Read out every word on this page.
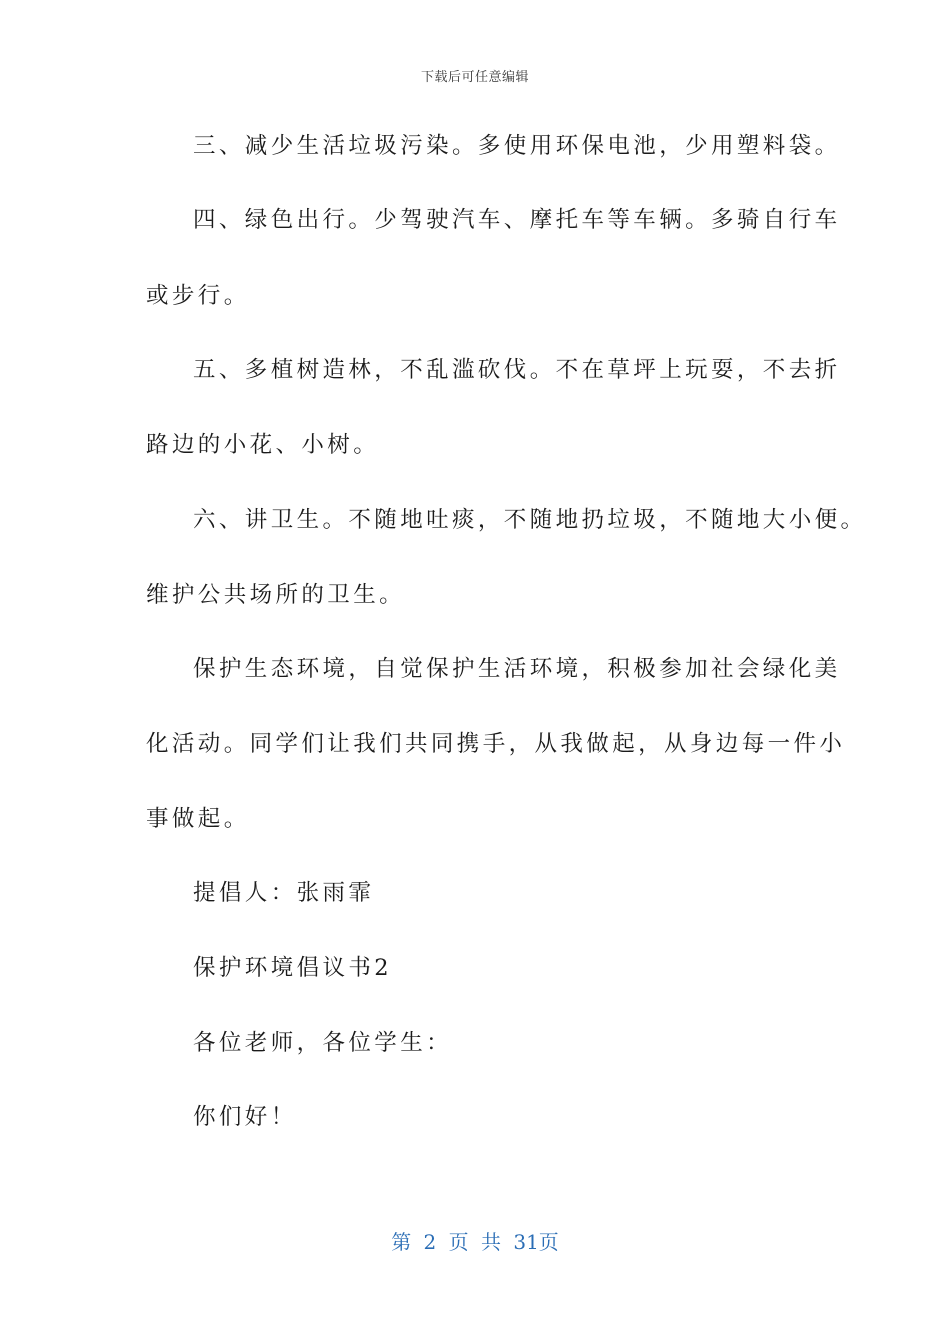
下载后可任意编辑
三、减少生活垃圾污染。多使用环保电池，少用塑料袋。
四、绿色出行。少驾驶汽车、摩托车等车辆。多骑自行车
或步行。
五、多植树造林，不乱滥砍伐。不在草坪上玩耍，不去折
路边的小花、小树。
六、讲卫生。不随地吐痰，不随地扔垃圾，不随地大小便。
维护公共场所的卫生。
保护生态环境，自觉保护生活环境，积极参加社会绿化美
化活动。同学们让我们共同携手，从我做起，从身边每一件小
事做起。
提倡人：张雨霏
保护环境倡议书2
各位老师，各位学生：
你们好！
第 2 页 共 31页
